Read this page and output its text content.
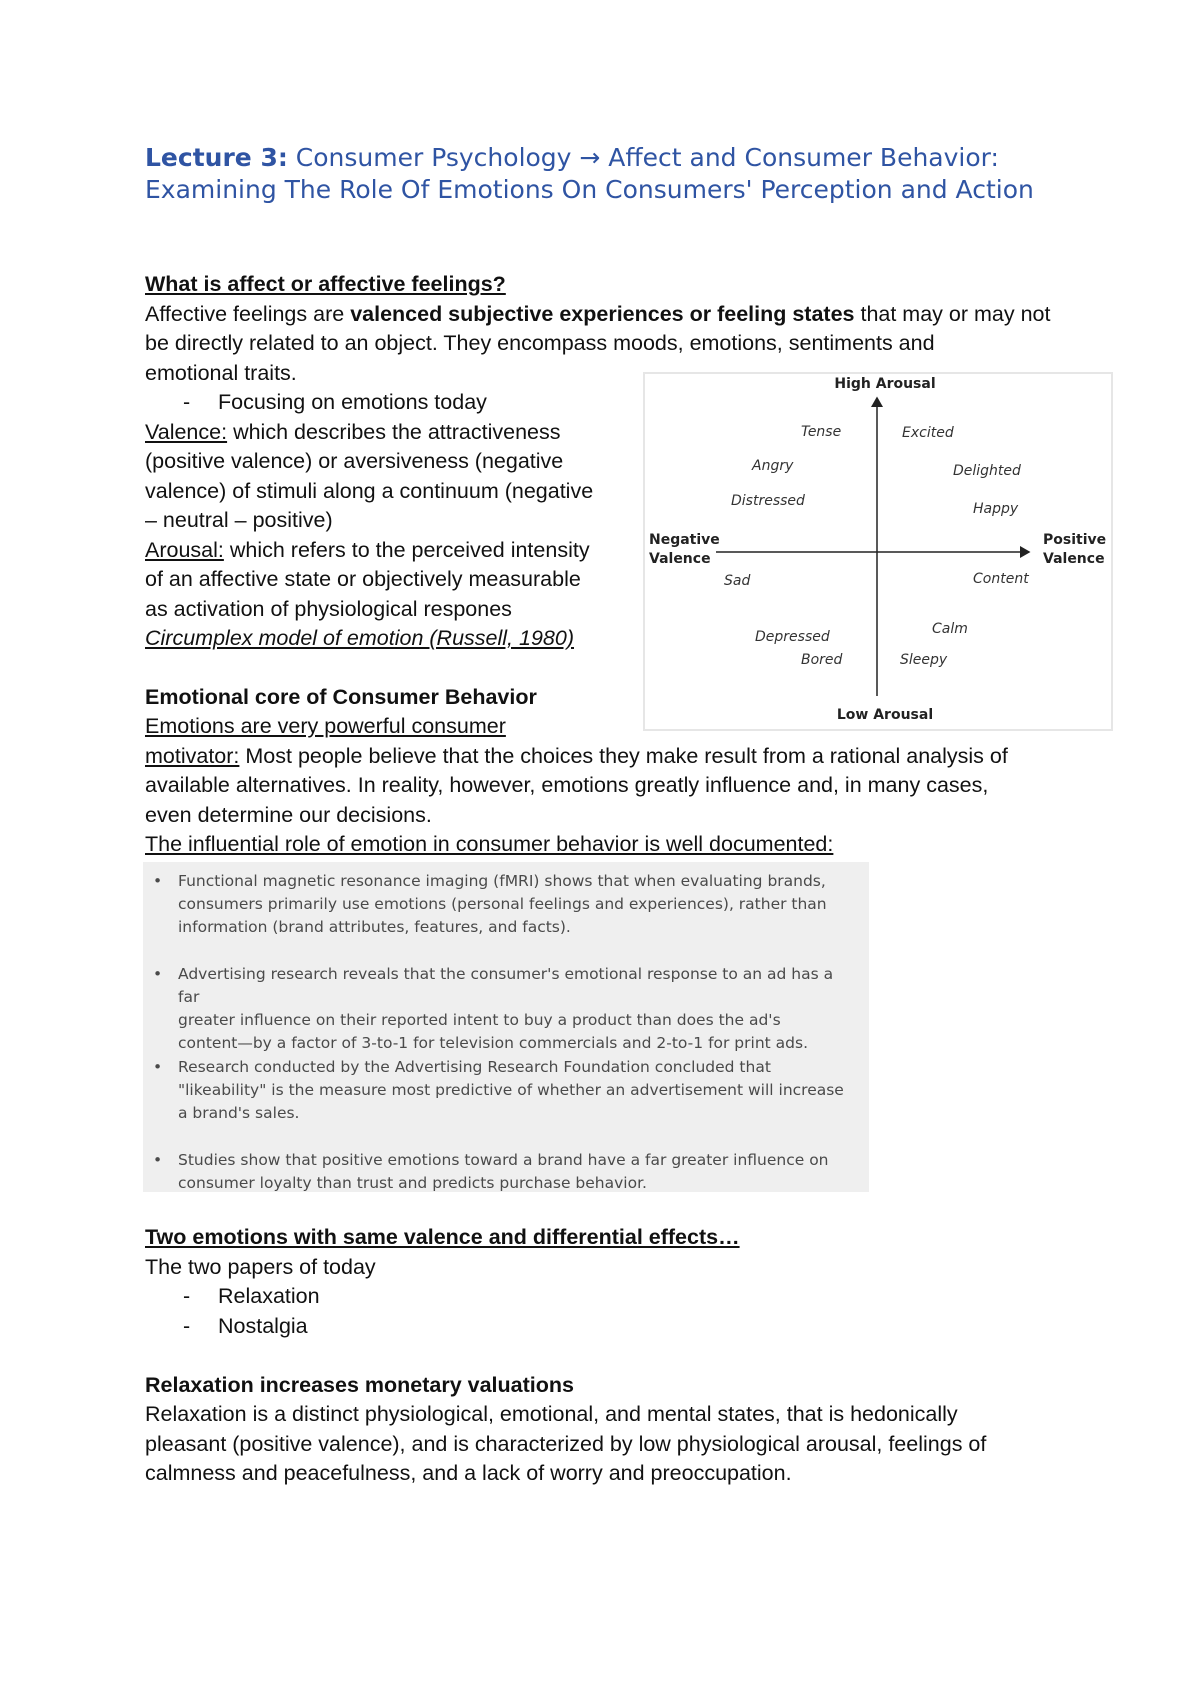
Lecture 3: Consumer Psychology → Affect and Consumer Behavior: Examining The Role Of Emotions On Consumers' Perception and Action
What is affect or affective feelings?
Affective feelings are valenced subjective experiences or feeling states that may or may not
be directly related to an object. They encompass moods, emotions, sentiments and
emotional traits.
- Focusing on emotions today
Valence: which describes the attractiveness
(positive valence) or aversiveness (negative
valence) of stimuli along a continuum (negative
– neutral – positive)
Arousal: which refers to the perceived intensity
of an affective state or objectively measurable
as activation of physiological respones
Circumplex model of emotion (Russell, 1980)
High Arousal
Low Arousal
Negative
Valence
Positive
Valence
Tense	Excited
Angry	Delighted
Distressed	Happy
Sad	Content
Calm
Depressed
Bored	Sleepy
Emotional core of Consumer Behavior
Emotions are very powerful consumer
motivator: Most people believe that the choices they make result from a rational analysis of
available alternatives. In reality, however, emotions greatly influence and, in many cases,
even determine our decisions.
The influential role of emotion in consumer behavior is well documented:
• Functional magnetic resonance imaging (fMRI) shows that when evaluating brands,
consumers primarily use emotions (personal feelings and experiences), rather than
information (brand attributes, features, and facts).
• Advertising research reveals that the consumer's emotional response to an ad has a far
greater influence on their reported intent to buy a product than does the ad's
content—by a factor of 3-to-1 for television commercials and 2-to-1 for print ads.
• Research conducted by the Advertising Research Foundation concluded that
"likeability" is the measure most predictive of whether an advertisement will increase
a brand's sales.
• Studies show that positive emotions toward a brand have a far greater influence on
consumer loyalty than trust and predicts purchase behavior.
Two emotions with same valence and differential effects…
The two papers of today
- Relaxation
- Nostalgia
Relaxation increases monetary valuations
Relaxation is a distinct physiological, emotional, and mental states, that is hedonically
pleasant (positive valence), and is characterized by low physiological arousal, feelings of
calmness and peacefulness, and a lack of worry and preoccupation.
